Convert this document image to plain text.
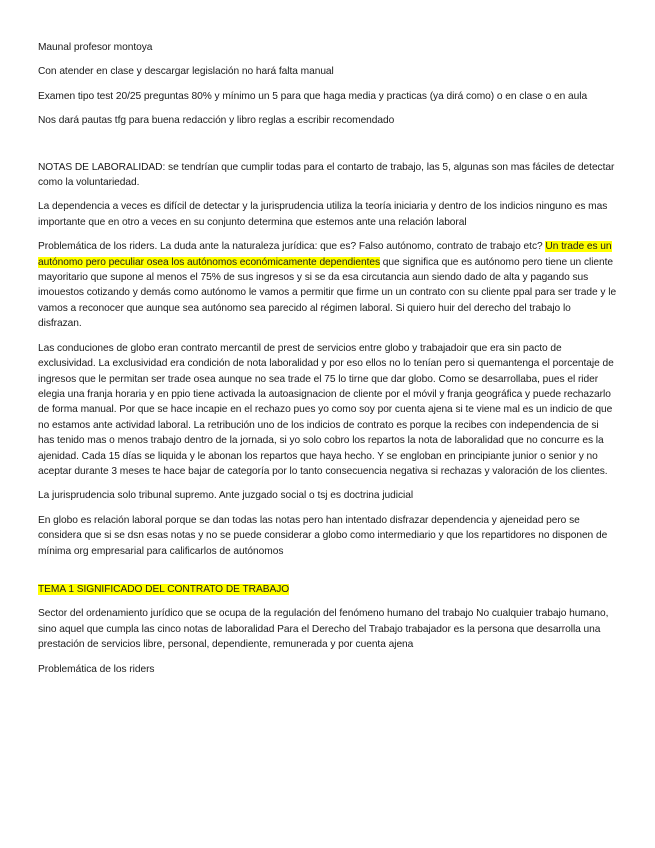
Maunal profesor montoya

Con atender en clase y descargar legislación no hará falta manual

Examen tipo test 20/25 preguntas 80% y mínimo un 5 para que haga media y practicas (ya dirá como) o en clase o en aula

Nos dará pautas tfg para buena redacción y libro reglas a escribir recomendado

NOTAS DE LABORALIDAD: se tendrían que cumplir todas para el contarto de trabajo, las 5, algunas son mas fáciles de detectar como la voluntariedad.

La dependencia a veces es difícil de detectar y la jurisprudencia utiliza la teoría iniciaria y dentro de los indicios ninguno es mas importante que en otro a veces en su conjunto determina que estemos ante una relación laboral

Problemática de los riders. La duda ante la naturaleza jurídica: que es? Falso autónomo, contrato de trabajo etc? Un trade es un autónomo pero peculiar osea los autónomos económicamente dependientes que significa que es autónomo pero tiene un cliente mayoritario que supone al menos el 75% de sus ingresos y si se da esa circutancia aun siendo dado de alta y pagando sus imouestos cotizando y demás como autónomo le vamos a permitir que firme un un contrato con su cliente ppal para ser trade y le vamos a reconocer que aunque sea autónomo sea parecido al régimen laboral. Si quiero huir del derecho del trabajo lo disfrazan.

Las conduciones de globo eran contrato mercantil de prest de servicios entre globo y trabajadoir que era sin pacto de exclusividad. La exclusividad era condición de nota laboralidad y por eso ellos no lo tenían pero si quemantenga el porcentaje de ingresos que le permitan ser trade osea aunque no sea trade el 75 lo tirne que dar globo. Como se desarrollaba, pues el rider elegia una franja horaria y en ppio tiene activada la autoasignacion de cliente por el móvil y franja geográfica y puede rechazarlo de forma manual. Por que se hace incapie en el rechazo pues yo como soy por cuenta ajena si te viene mal es un indicio de que no estamos ante actividad laboral. La retribución uno de los indicios de contrato es porque la recibes con independencia de si has tenido mas o menos trabajo dentro de la jornada, si yo solo cobro los repartos la nota de laboralidad que no concurre es la ajenidad. Cada 15 días se liquida y le abonan los repartos que haya hecho. Y se engloban en principiante junior o senior y no aceptar durante 3 meses te hace bajar de categoría por lo tanto consecuencia negativa si rechazas y valoración de los clientes.

La jurisprudencia solo tribunal supremo. Ante juzgado social o tsj es doctrina judicial

En globo es relación laboral porque se dan todas las notas pero han intentado disfrazar dependencia y ajeneidad pero se considera que si se dsn esas notas y no se puede considerar a globo como intermediario y que los repartidores no disponen de mínima org empresarial para calificarlos de autónomos

TEMA 1 SIGNIFICADO DEL CONTRATO DE TRABAJO

Sector del ordenamiento jurídico que se ocupa de la regulación del fenómeno humano del trabajo No cualquier trabajo humano, sino aquel que cumpla las cinco notas de laboralidad Para el Derecho del Trabajo trabajador es la persona que desarrolla una prestación de servicios libre, personal, dependiente, remunerada y por cuenta ajena

Problemática de los riders
